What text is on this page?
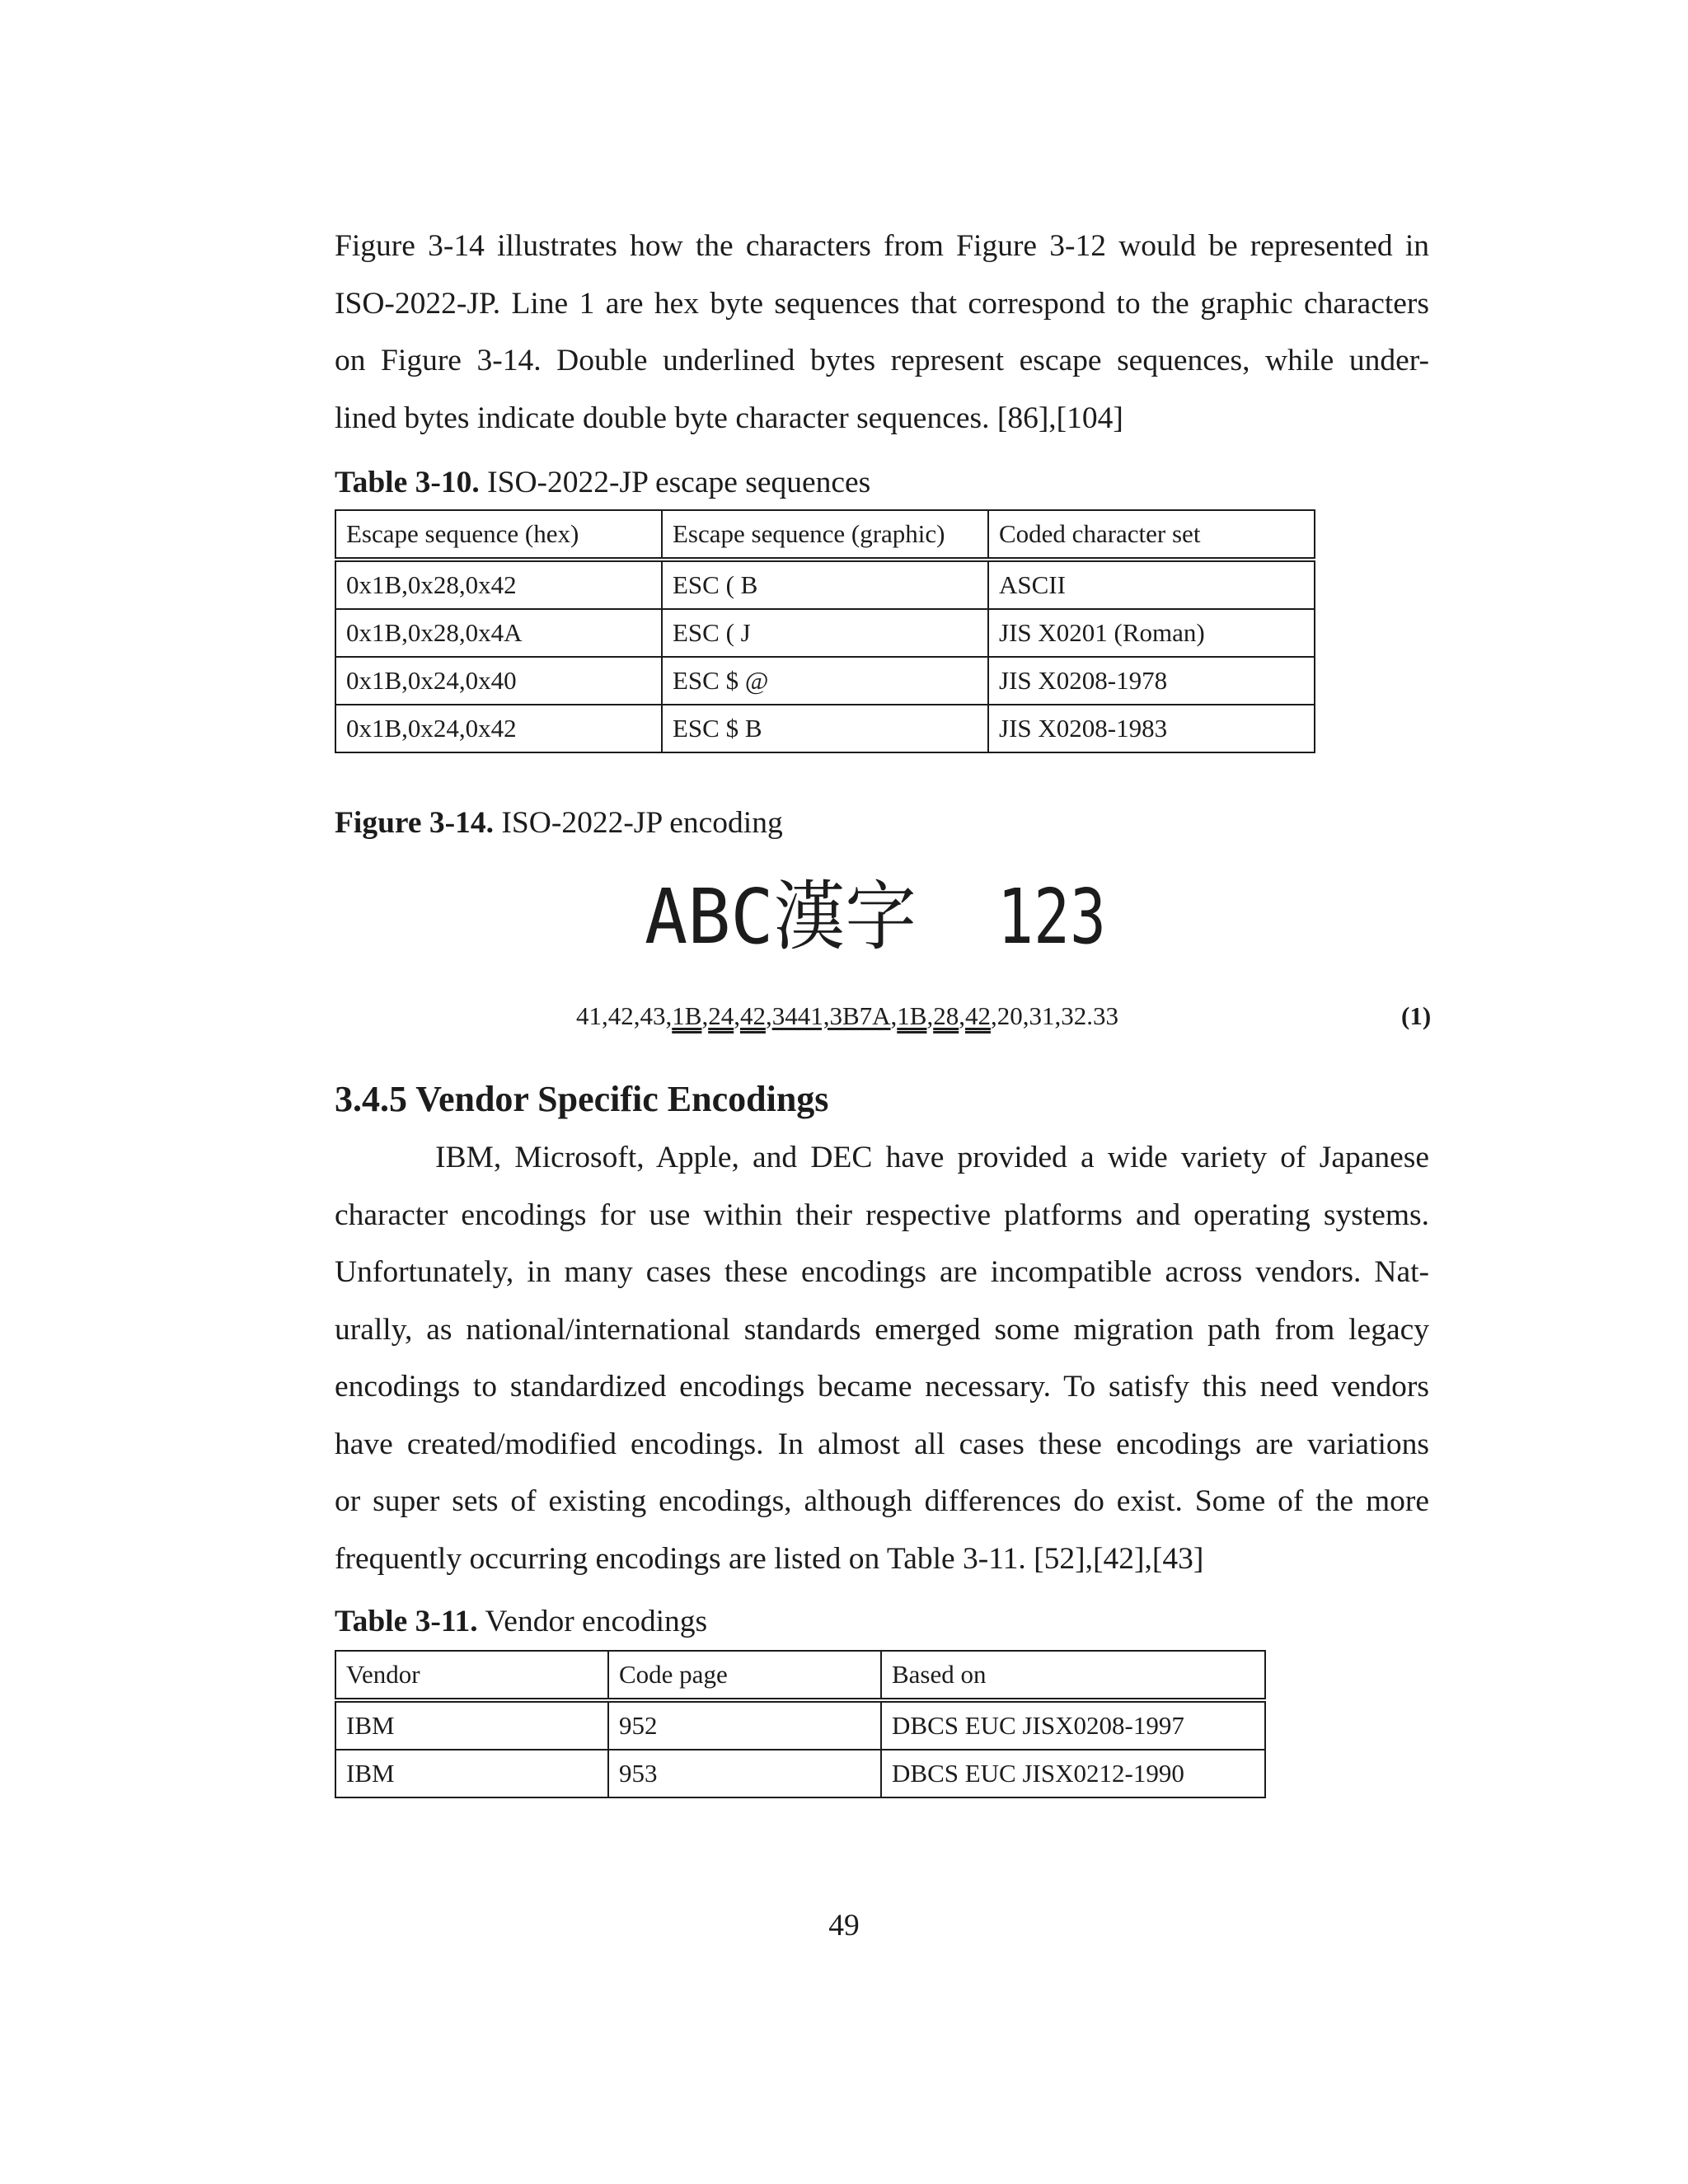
Figure 3-14 illustrates how the characters from Figure 3-12 would be represented in
ISO-2022-JP. Line 1 are hex byte sequences that correspond to the graphic characters
on Figure 3-14. Double underlined bytes represent escape sequences, while under-
lined bytes indicate double byte character sequences. [86],[104]

Table 3-10. ISO-2022-JP escape sequences

Escape sequence (hex)	Escape sequence (graphic)	Coded character set
0x1B,0x28,0x42	ESC ( B	ASCII
0x1B,0x28,0x4A	ESC ( J	JIS X0201 (Roman)
0x1B,0x24,0x40	ESC $ @	JIS X0208-1978
0x1B,0x24,0x42	ESC $ B	JIS X0208-1983

Figure 3-14. ISO-2022-JP encoding

ABC漢字 123
41,42,43,1B,24,42,3441,3B7A,1B,28,42,20,31,32.33	(1)
3.4.5 Vendor Specific Encodings

IBM, Microsoft, Apple, and DEC have provided a wide variety of Japanese
character encodings for use within their respective platforms and operating systems.
Unfortunately, in many cases these encodings are incompatible across vendors. Nat-
urally, as national/international standards emerged some migration path from legacy
encodings to standardized encodings became necessary. To satisfy this need vendors
have created/modified encodings. In almost all cases these encodings are variations
or super sets of existing encodings, although differences do exist. Some of the more
frequently occurring encodings are listed on Table 3-11. [52],[42],[43]

Table 3-11. Vendor encodings

Vendor	Code page	Based on
IBM	952	DBCS EUC JISX0208-1997
IBM	953	DBCS EUC JISX0212-1990
49
